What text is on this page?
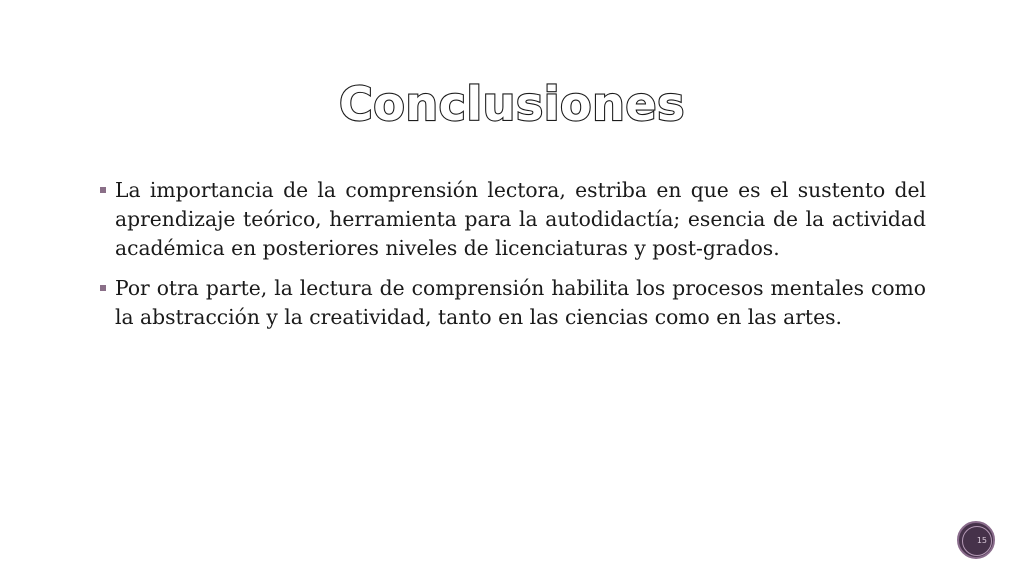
Conclusiones
La importancia de la comprensión lectora, estriba en que es el sustento del aprendizaje teórico, herramienta para la autodidactía; esencia de la actividad académica en posteriores niveles de licenciaturas y post-grados.
Por otra parte, la lectura de comprensión habilita los procesos mentales como la abstracción y la creatividad, tanto en las ciencias como en las artes.
15
